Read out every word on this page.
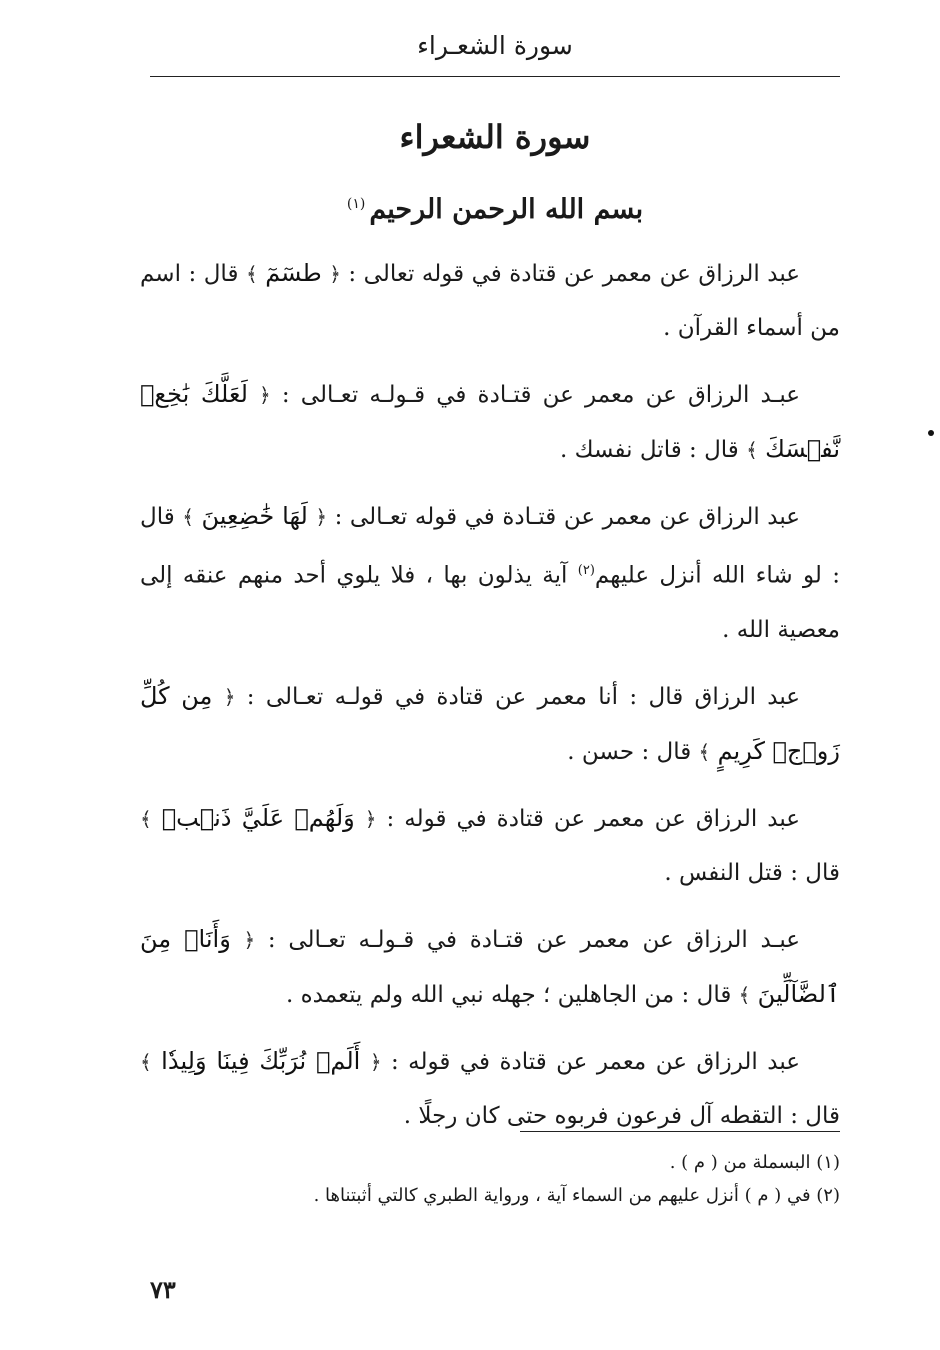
سورة الشعـراء
سورة الشعراء
بسم الله الرحمن الرحيم$^{(١)}$

عبد الرزاق عن معمر عن قتادة في قوله تعالى : ﴿ طسٓمٓ ﴾ قال : اسم من أسماء القرآن .

عبـد الرزاق عن معمر عن قتـادة في قـولـه تعـالى : ﴿ لَعَلَّكَ بَٰخِعٞ نَّفۡسَكَ ﴾ قال : قاتل نفسك .

عبد الرزاق عن معمر عن قتـادة في قوله تعـالى : ﴿ لَهَا خَٰضِعِينَ ﴾ قال : لو شاء الله أنزل عليهم$^{(٢)}$ آية يذلون بها ، فلا يلوي أحد منهم عنقه إلى معصية الله .

عبد الرزاق قال : أنا معمر عن قتادة في قولـه تعـالى : ﴿ مِن كُلِّ زَوۡجٖ كَرِيمٍ ﴾ قال : حسن .

عبد الرزاق عن معمر عن قتادة في قوله : ﴿ وَلَهُمۡ عَلَيَّ ذَنۢبٞ ﴾ قال : قتل النفس .

عبـد الرزاق عن معمر عن قتـادة في قـولـه تعـالى : ﴿ وَأَنَا۠ مِنَ ٱلضَّآلِّينَ ﴾ قال : من الجاهلين ؛ جهله نبي الله ولم يتعمده .

عبد الرزاق عن معمر عن قتادة في قوله : ﴿ أَلَمۡ نُرَبِّكَ فِينَا وَلِيدٗا ﴾ قال : التقطه آل فرعون فربوه حتى كان رجلًا .

(١) البسملة من ( م ) .

(٢) في ( م ) أنزل عليهم من السماء آية ، ورواية الطبري كالتي أثبتناها .

٧٣
